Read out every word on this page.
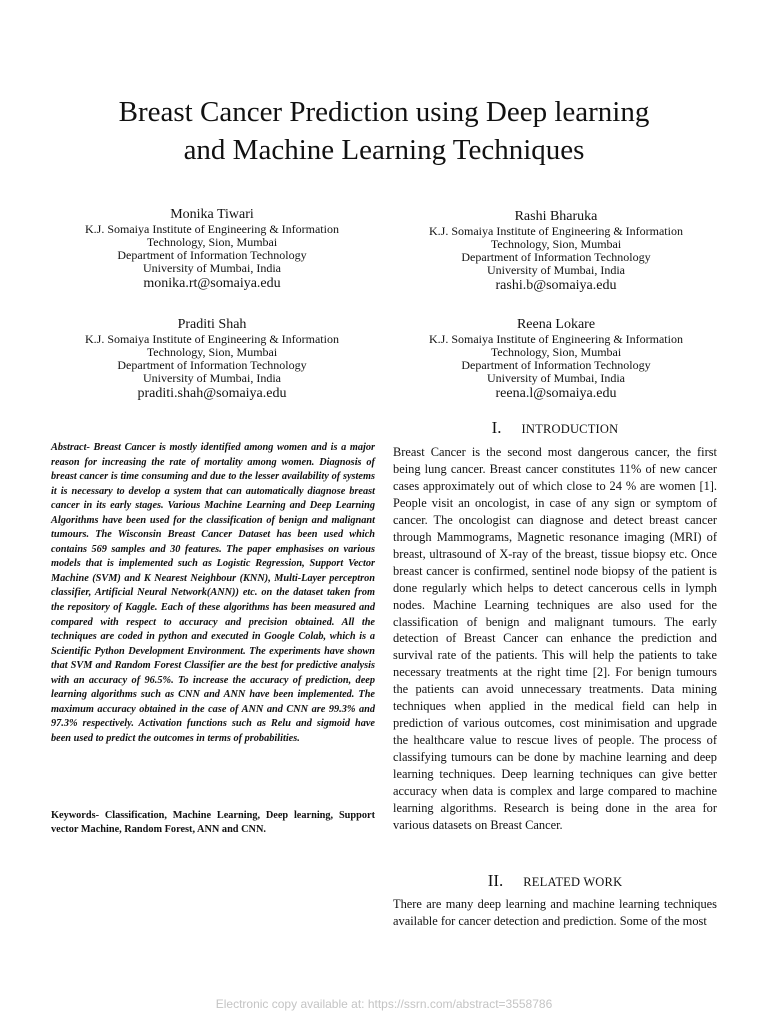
Breast Cancer Prediction using Deep learning
and Machine Learning Techniques
Monika Tiwari
K.J. Somaiya Institute of Engineering & Information
Technology, Sion, Mumbai
Department of Information Technology
University of Mumbai, India
monika.rt@somaiya.edu
Rashi Bharuka
K.J. Somaiya Institute of Engineering & Information
Technology, Sion, Mumbai
Department of Information Technology
University of Mumbai, India
rashi.b@somaiya.edu
Praditi Shah
K.J. Somaiya Institute of Engineering & Information
Technology, Sion, Mumbai
Department of Information Technology
University of Mumbai, India
praditi.shah@somaiya.edu
Reena Lokare
K.J. Somaiya Institute of Engineering & Information
Technology, Sion, Mumbai
Department of Information Technology
University of Mumbai, India
reena.l@somaiya.edu
Abstract- Breast Cancer is mostly identified among women and is a major reason for increasing the rate of mortality among women. Diagnosis of breast cancer is time consuming and due to the lesser availability of systems it is necessary to develop a system that can automatically diagnose breast cancer in its early stages. Various Machine Learning and Deep Learning Algorithms have been used for the classification of benign and malignant tumours. The Wisconsin Breast Cancer Dataset has been used which contains 569 samples and 30 features. The paper emphasises on various models that is implemented such as Logistic Regression, Support Vector Machine (SVM) and K Nearest Neighbour (KNN), Multi-Layer perceptron classifier, Artificial Neural Network(ANN)) etc. on the dataset taken from the repository of Kaggle. Each of these algorithms has been measured and compared with respect to accuracy and precision obtained. All the techniques are coded in python and executed in Google Colab, which is a Scientific Python Development Environment. The experiments have shown that SVM and Random Forest Classifier are the best for predictive analysis with an accuracy of 96.5%. To increase the accuracy of prediction, deep learning algorithms such as CNN and ANN have been implemented. The maximum accuracy obtained in the case of ANN and CNN are 99.3% and 97.3% respectively. Activation functions such as Relu and sigmoid have been used to predict the outcomes in terms of probabilities.
Keywords- Classification, Machine Learning, Deep learning, Support vector Machine, Random Forest, ANN and CNN.
I. INTRODUCTION
Breast Cancer is the second most dangerous cancer, the first being lung cancer. Breast cancer constitutes 11% of new cancer cases approximately out of which close to 24 % are women [1]. People visit an oncologist, in case of any sign or symptom of cancer. The oncologist can diagnose and detect breast cancer through Mammograms, Magnetic resonance imaging (MRI) of breast, ultrasound of X-ray of the breast, tissue biopsy etc. Once breast cancer is confirmed, sentinel node biopsy of the patient is done regularly which helps to detect cancerous cells in lymph nodes. Machine Learning techniques are also used for the classification of benign and malignant tumours. The early detection of Breast Cancer can enhance the prediction and survival rate of the patients. This will help the patients to take necessary treatments at the right time [2]. For benign tumours the patients can avoid unnecessary treatments. Data mining techniques when applied in the medical field can help in prediction of various outcomes, cost minimisation and upgrade the healthcare value to rescue lives of people. The process of classifying tumours can be done by machine learning and deep learning techniques. Deep learning techniques can give better accuracy when data is complex and large compared to machine learning algorithms. Research is being done in the area for various datasets on Breast Cancer.
II. RELATED WORK
There are many deep learning and machine learning techniques available for cancer detection and prediction. Some of the most
Electronic copy available at: https://ssrn.com/abstract=3558786
